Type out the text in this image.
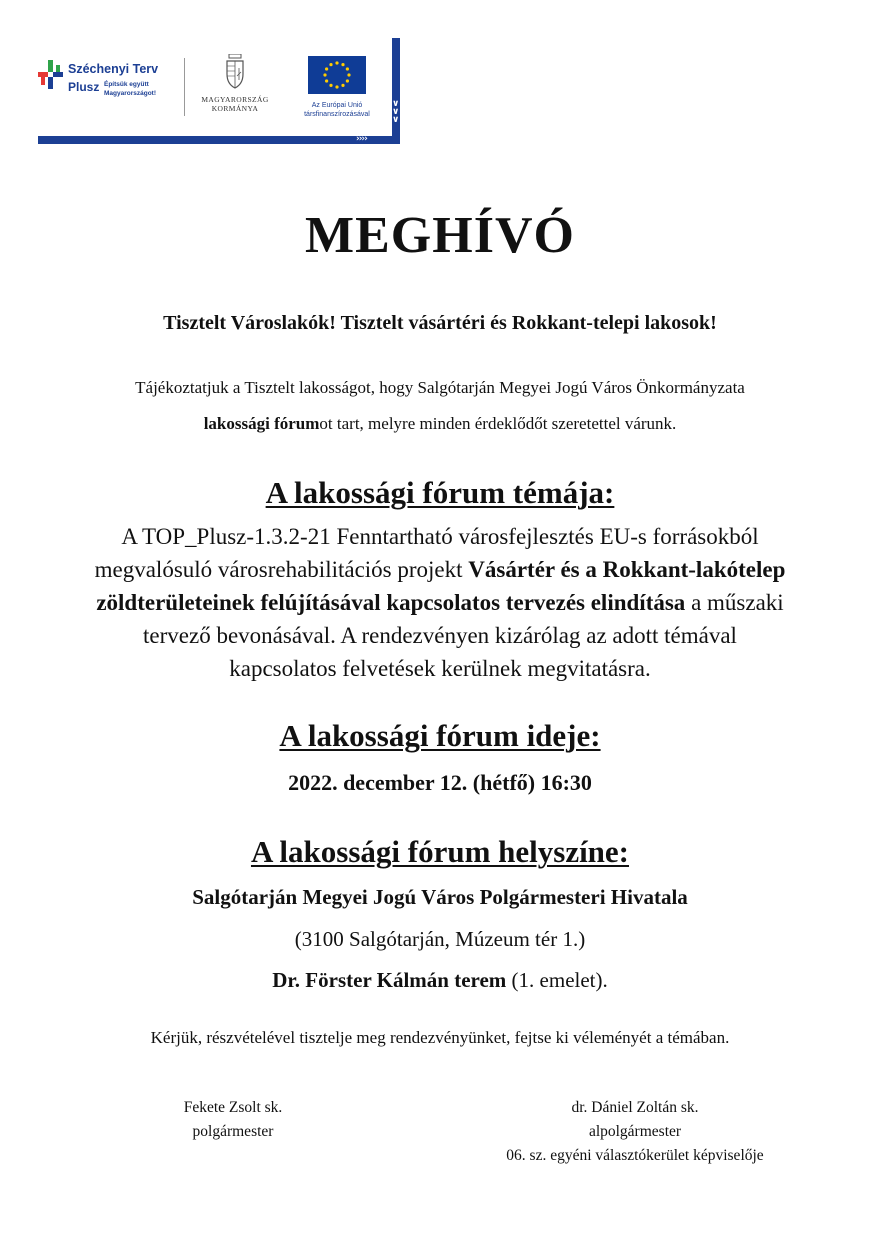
Széchenyi Terv
Plusz Építsük együtt
Magyarországot!
MAGYARORSZÁG
KORMÁNYA	Az Európai Unió
társfinanszírozásával
∨
∨
∨
››››
MEGHÍVÓ
Tisztelt Városlakók! Tisztelt vásártéri és Rokkant-telepi lakosok!
Tájékoztatjuk a Tisztelt lakosságot, hogy Salgótarján Megyei Jogú Város Önkormányzata
lakossági fórumot tart, melyre minden érdeklődőt szeretettel várunk.
A lakossági fórum témája:
A TOP_Plusz-1.3.2-21 Fenntartható városfejlesztés EU-s forrásokból
megvalósuló városrehabilitációs projekt Vásártér és a Rokkant-lakótelep
zöldterületeinek felújításával kapcsolatos tervezés elindítása a műszaki
tervező bevonásával. A rendezvényen kizárólag az adott témával
kapcsolatos felvetések kerülnek megvitatásra.
A lakossági fórum ideje:
2022. december 12. (hétfő) 16:30
A lakossági fórum helyszíne:
Salgótarján Megyei Jogú Város Polgármesteri Hivatala
(3100 Salgótarján, Múzeum tér 1.)
Dr. Förster Kálmán terem (1. emelet).
Kérjük, részvételével tisztelje meg rendezvényünket, fejtse ki véleményét a témában.
Fekete Zsolt sk.
polgármester
dr. Dániel Zoltán sk.
alpolgármester
06. sz. egyéni választókerület képviselője
